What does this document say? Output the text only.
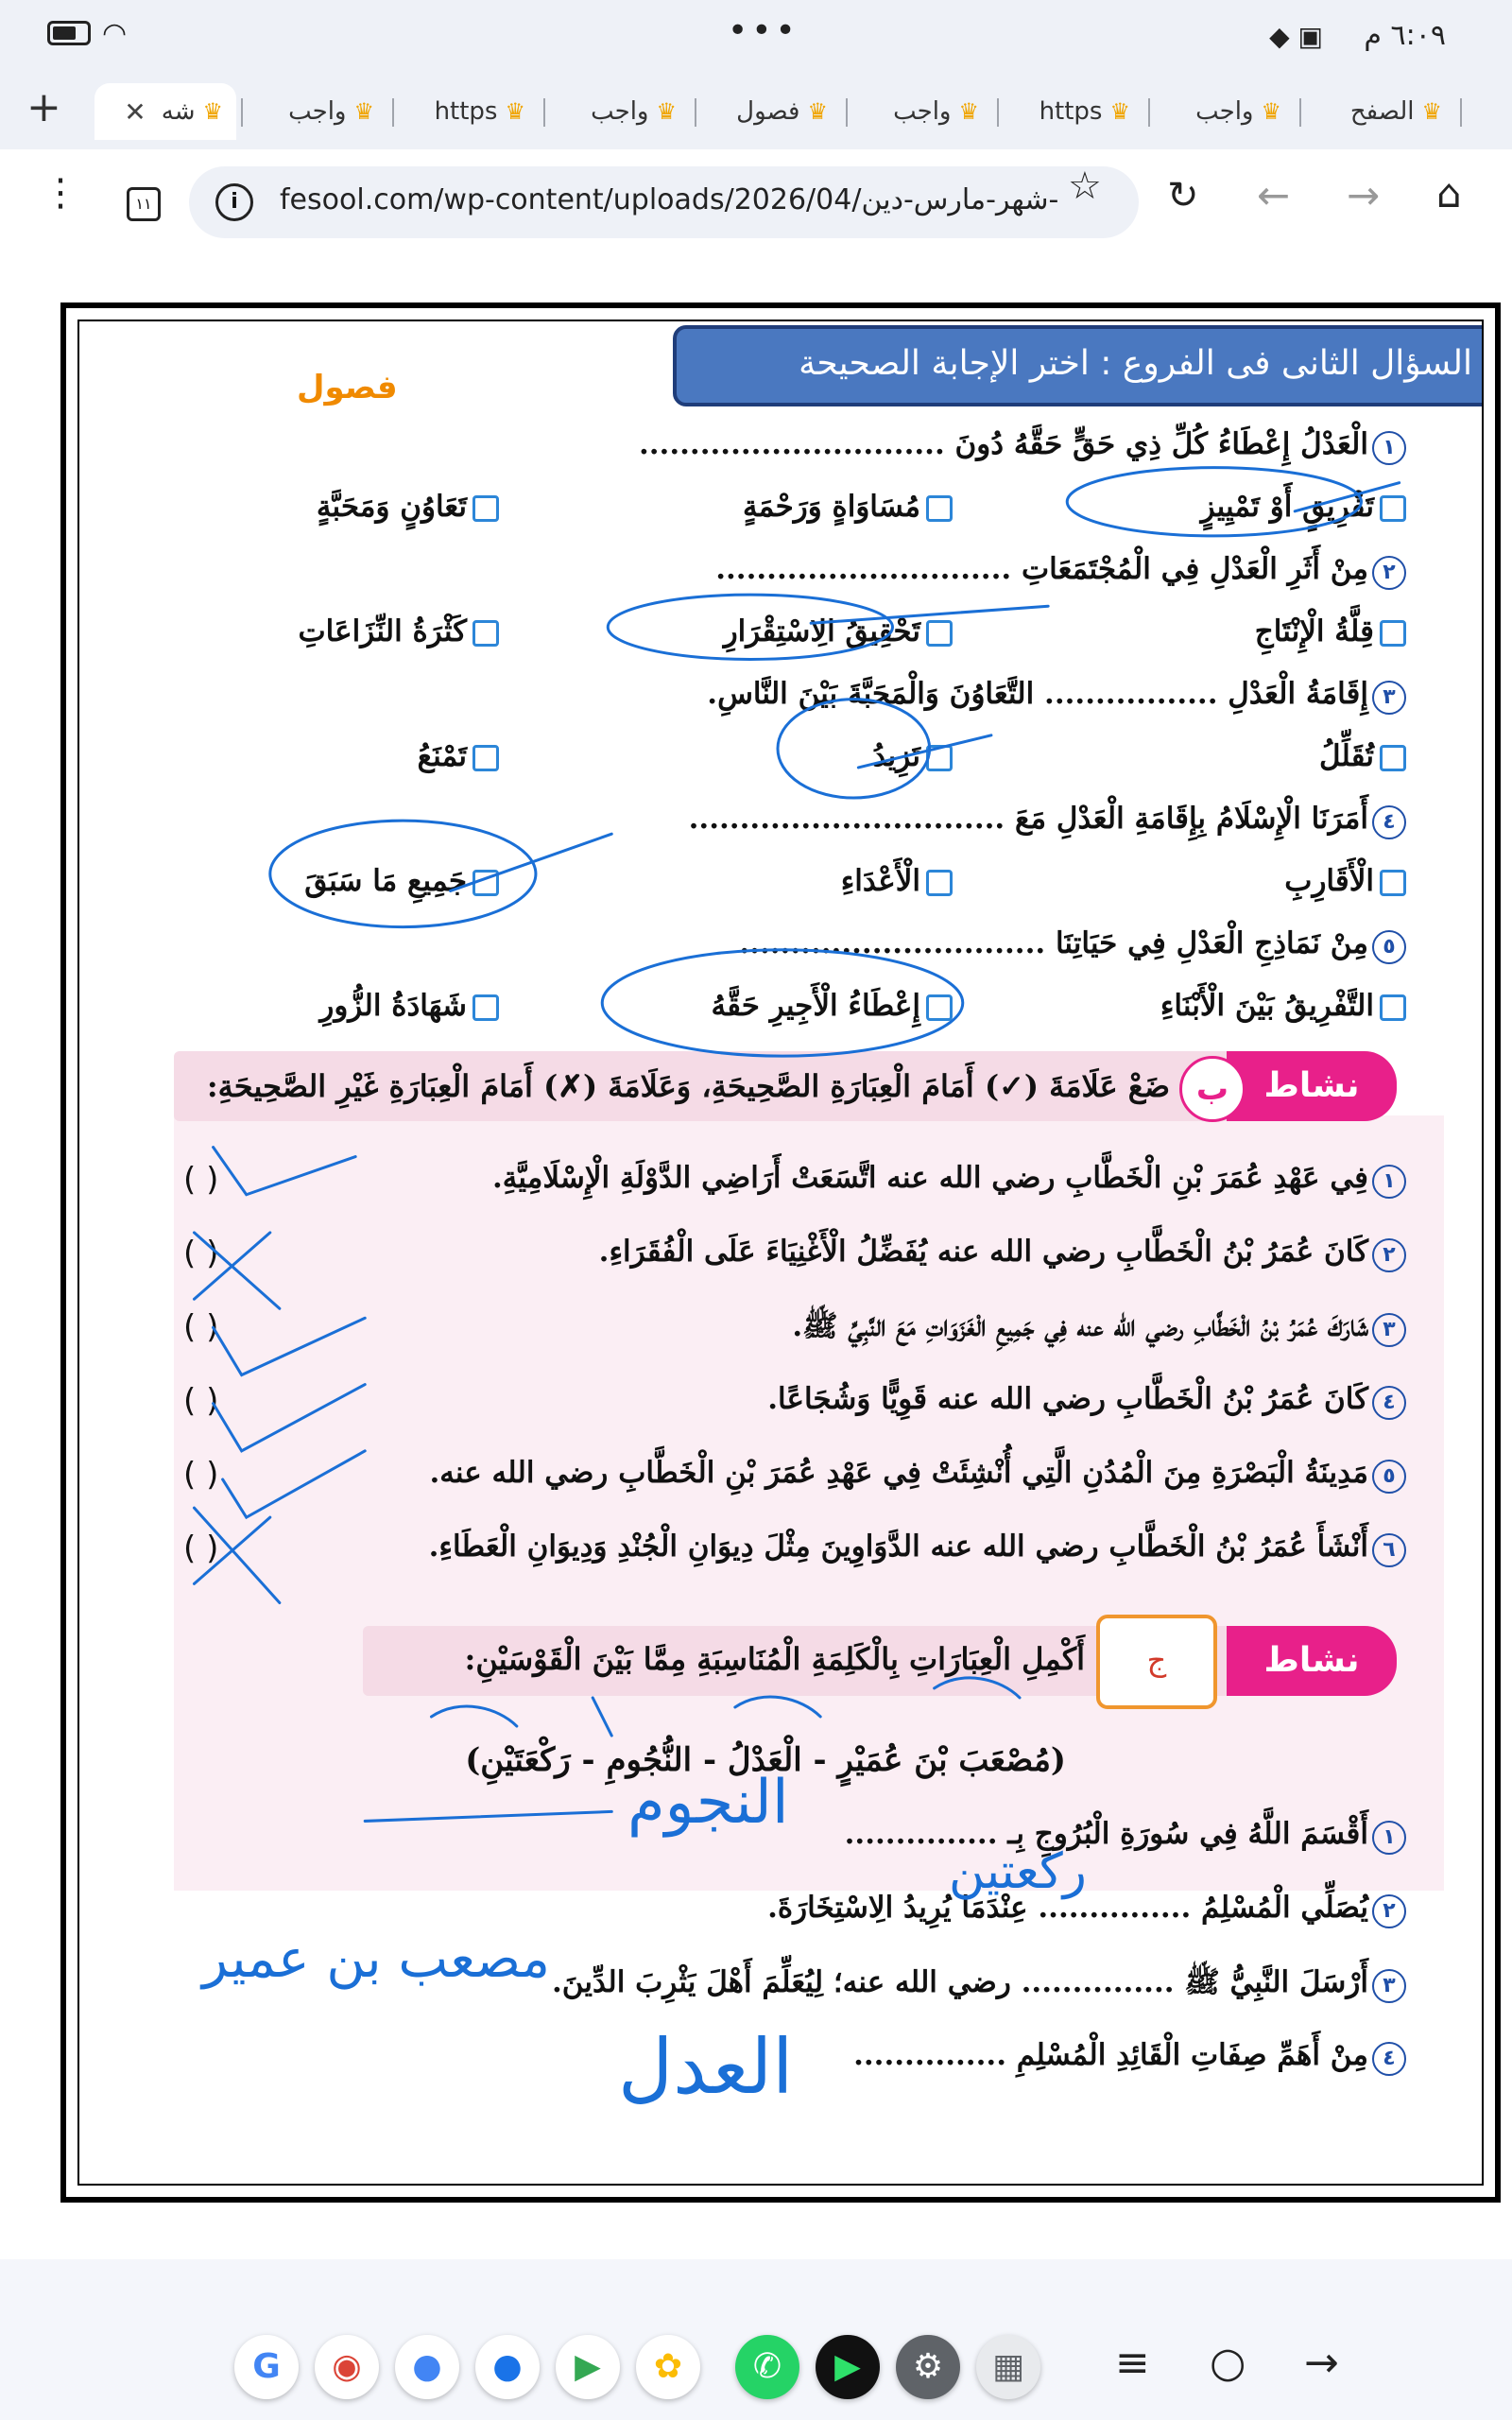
◠	•••	◆ ▣ ٦:٠٩ م
+	♛
شه
✕	♛
واجب	♛
https	♛
واجب	♛
فصول	♛
واجب	♛
https	♛
واجب	♛
الصفح
⋮	١١	i	fesool.com/wp-content/uploads/2026/04/شهر-مارس-دين- ☆ ↻ ← → ⌂
فصول
السؤال الثانى فى الفروع : اختر الإجابة الصحيحة
١الْعَدْلُ إِعْطَاءُ كُلِّ ذِي حَقٍّ حَقَّهُ دُونَ ..............................
تَفْرِيقٍ أَوْ تَمْيِيزٍ
مُسَاوَاةٍ وَرَحْمَةٍ
تَعَاوُنٍ وَمَحَبَّةٍ
٢مِنْ أَثَرِ الْعَدْلِ فِي الْمُجْتَمَعَاتِ .............................
قِلَّةُ الْإِنْتَاجِ
تَحْقِيقُ الِاسْتِقْرَارِ
كَثْرَةُ النِّزَاعَاتِ
٣إِقَامَةُ الْعَدْلِ ................. التَّعَاوُنَ وَالْمَحَبَّةَ بَيْنَ النَّاسِ.
تُقَلِّلُ
تَزِيدُ
تَمْنَعُ
٤أَمَرَنَا الْإِسْلَامُ بِإِقَامَةِ الْعَدْلِ مَعَ ...............................
الْأَقَارِبِ
الْأَعْدَاءِ
جَمِيعِ مَا سَبَقَ
٥مِنْ نَمَاذِجِ الْعَدْلِ فِي حَيَاتِنَا ..............................
التَّفْرِيقُ بَيْنَ الْأَبْنَاءِ
إِعْطَاءُ الْأَجِيرِ حَقَّهُ
شَهَادَةُ الزُّورِ
نشاط
ب
ضَعْ عَلَامَةَ (✓) أَمَامَ الْعِبَارَةِ الصَّحِيحَةِ، وَعَلَامَةَ (✗) أَمَامَ الْعِبَارَةِ غَيْرِ الصَّحِيحَةِ:
١فِي عَهْدِ عُمَرَ بْنِ الْخَطَّابِ رضي الله عنه اتَّسَعَتْ أَرَاضِي الدَّوْلَةِ الْإِسْلَامِيَّةِ.
( )
٢كَانَ عُمَرُ بْنُ الْخَطَّابِ رضي الله عنه يُفَضِّلُ الْأَغْنِيَاءَ عَلَى الْفُقَرَاءِ.
( )
٣شَارَكَ عُمَرُ بْنُ الْخَطَّابِ رضي الله عنه فِي جَمِيعِ الْغَزَوَاتِ مَعَ النَّبِيِّ ﷺ.
( )
٤كَانَ عُمَرُ بْنُ الْخَطَّابِ رضي الله عنه قَوِيًّا وَشُجَاعًا.
( )
٥مَدِينَةُ الْبَصْرَةِ مِنَ الْمُدُنِ الَّتِي أُنْشِئَتْ فِي عَهْدِ عُمَرَ بْنِ الْخَطَّابِ رضي الله عنه.
( )
٦أَنْشَأَ عُمَرُ بْنُ الْخَطَّابِ رضي الله عنه الدَّوَاوِينَ مِثْلَ دِيوَانِ الْجُنْدِ وَدِيوَانِ الْعَطَاءِ.
( )
نشاط
ج
أَكْمِلِ الْعِبَارَاتِ بِالْكَلِمَةِ الْمُنَاسِبَةِ مِمَّا بَيْنَ الْقَوْسَيْنِ:
(مُصْعَبَ بْنَ عُمَيْرٍ - الْعَدْلُ - النُّجُومِ - رَكْعَتَيْنِ)
١أَقْسَمَ اللَّهُ فِي سُورَةِ الْبُرُوجِ بِـ ...............
٢يُصَلِّي الْمُسْلِمُ ............... عِنْدَمَا يُرِيدُ الِاسْتِخَارَةَ.
٣أَرْسَلَ النَّبِيُّ ﷺ ............... رضي الله عنه؛ لِيُعَلِّمَ أَهْلَ يَثْرِبَ الدِّينَ.
٤مِنْ أَهَمِّ صِفَاتِ الْقَائِدِ الْمُسْلِمِ ...............
النجوم
ركعتين
مصعب بن عمير
العدل
G	◉	●	●	▶	✿	✆	▶	⚙	▦	≡ ○ →
